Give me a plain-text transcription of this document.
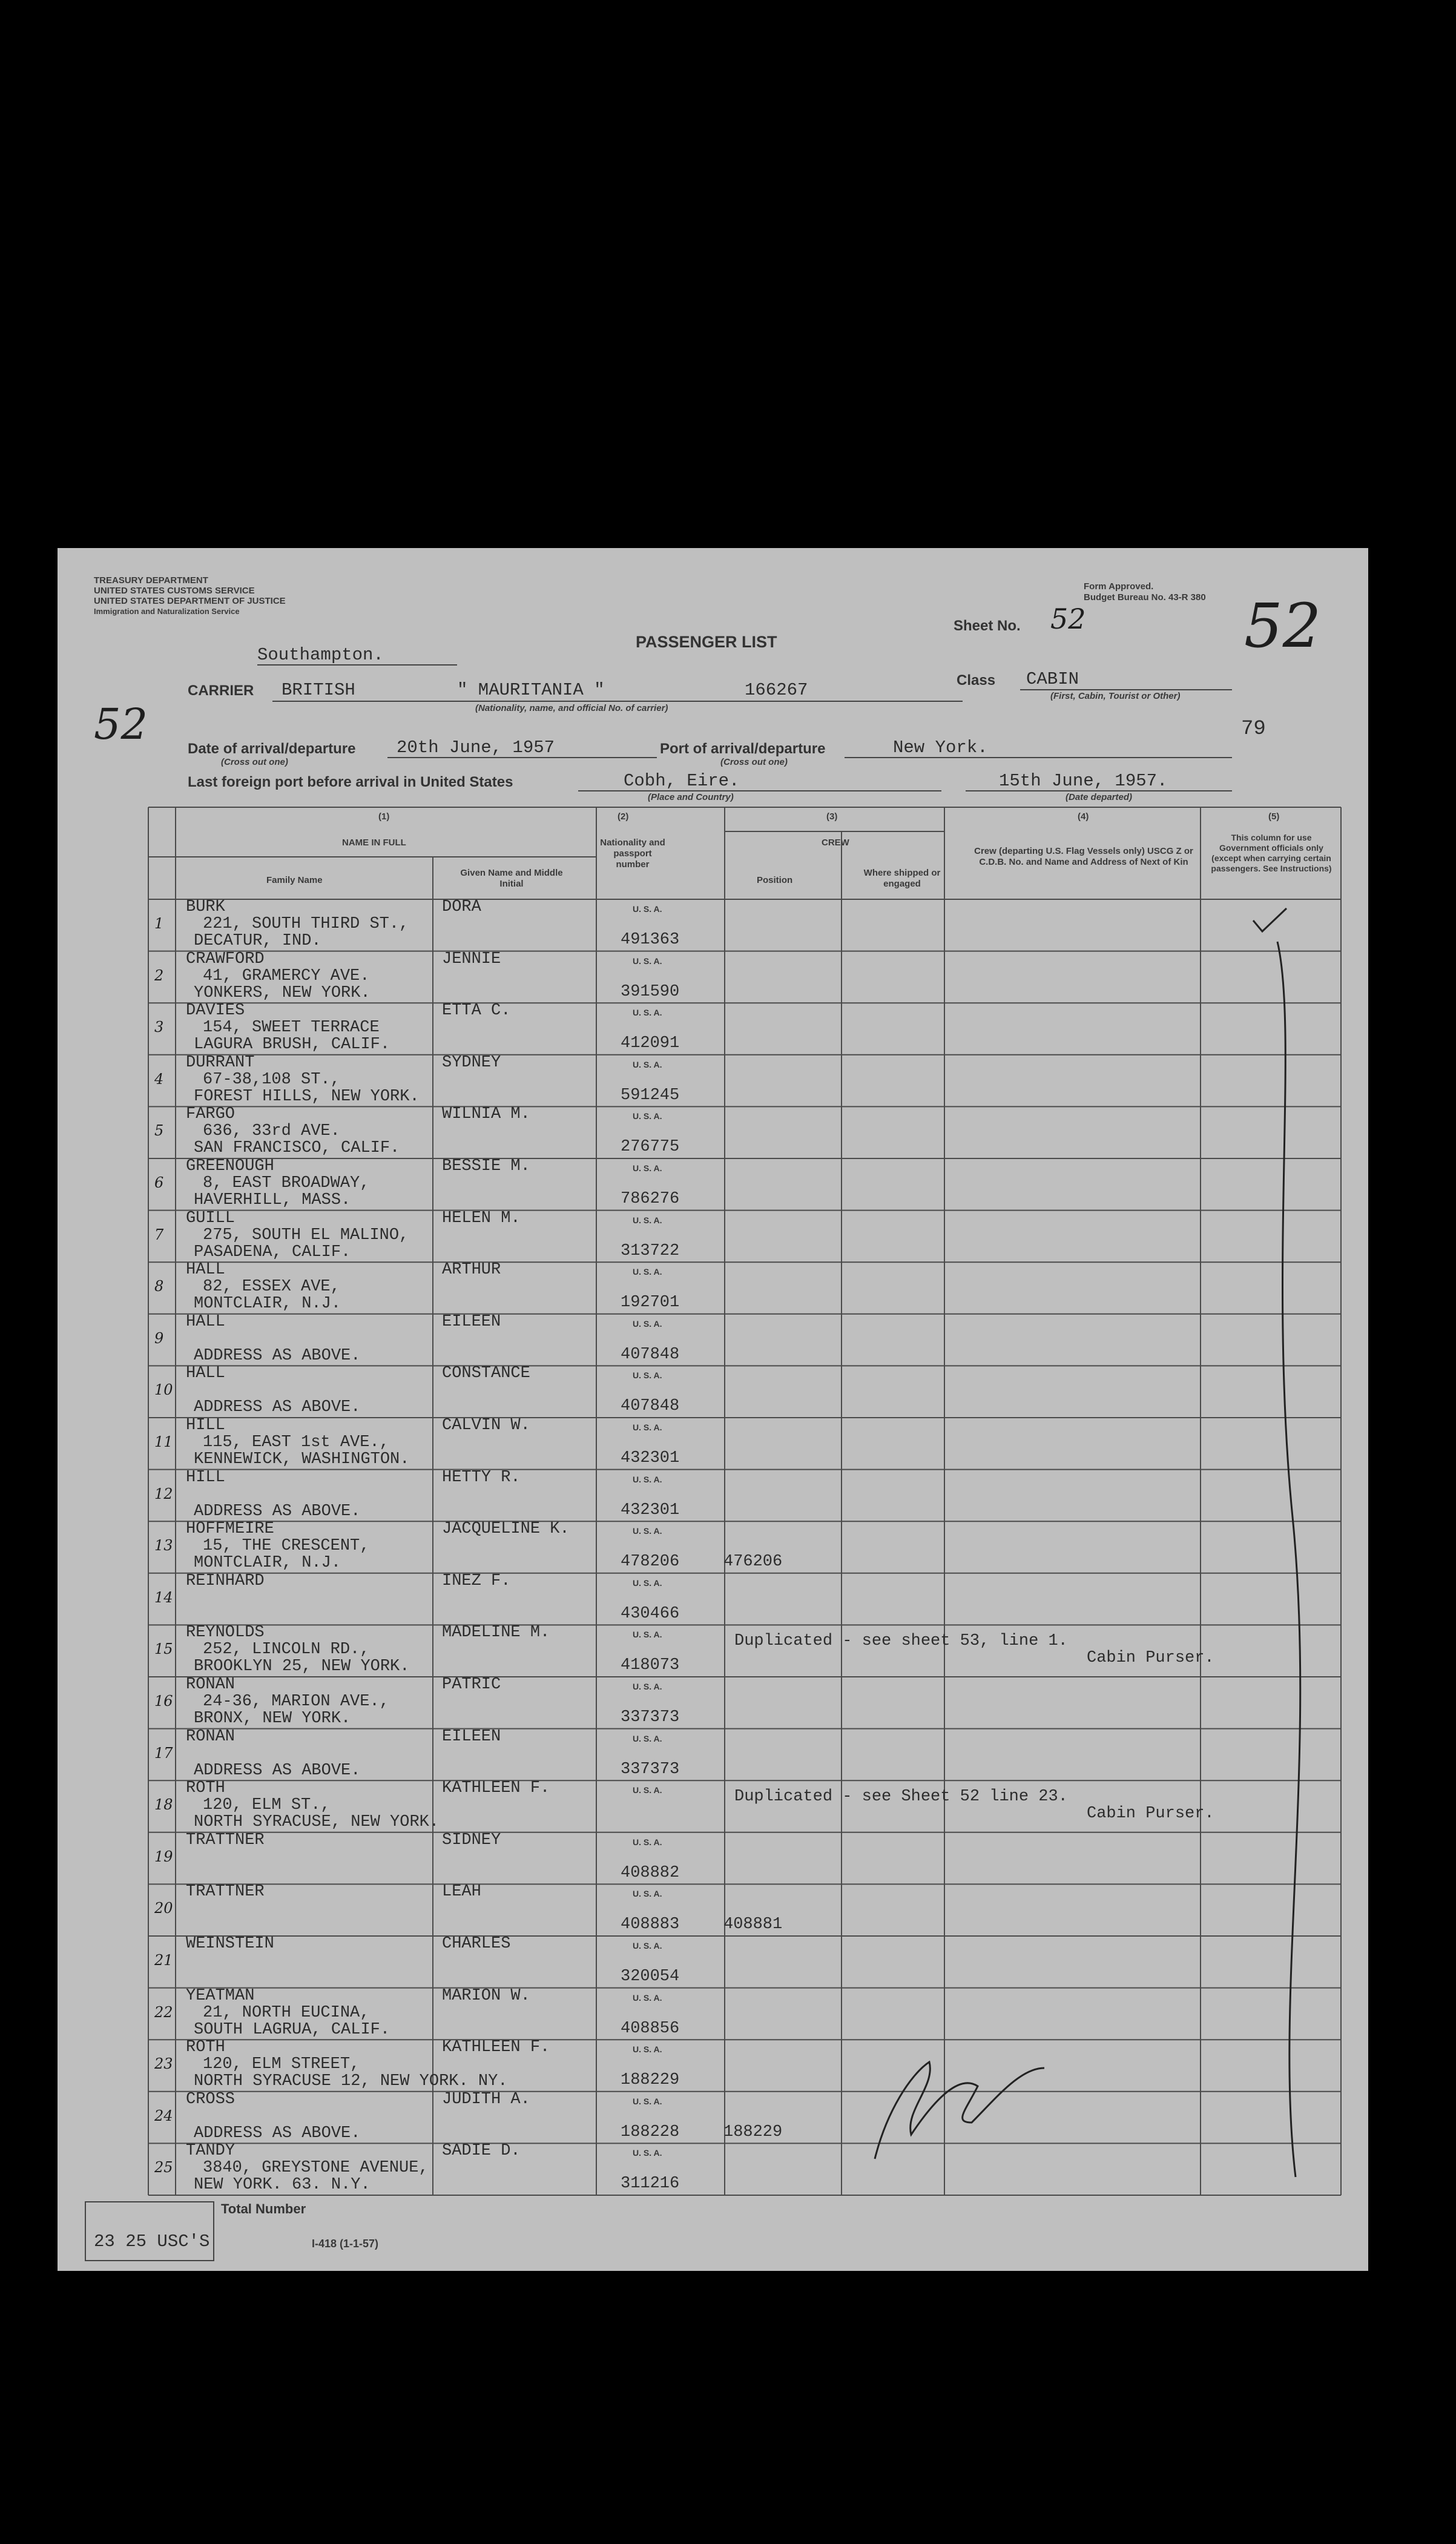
TREASURY DEPARTMENT
UNITED STATES CUSTOMS SERVICE
UNITED STATES DEPARTMENT OF JUSTICE
Immigration and Naturalization Service
Southampton.
PASSENGER LIST
Form Approved.
Budget Bureau No. 43-R 380
Sheet No. 52	52
52
CARRIER BRITISH	" MAURITANIA "	166267
(Nationality, name, and official No. of carrier)
Class CABIN
(First, Cabin, Tourist or Other)
79
Date of arrival/departure
(Cross out one)
20th June, 1957	Port of arrival/departure
(Cross out one)
New York.
Last foreign port before arrival in United States	Cobh, Eire.
(Place and Country)
15th June, 1957.
(Date departed)
(1)
NAME IN FULL
Family Name
Given Name and Middle Initial
(2)
Nationality and passport number
(3)
CREW
Position
Where shipped or engaged
(4)
Crew (departing U.S. Flag Vessels only) USCG Z or C.D.B. No. and Name and Address of Next of Kin
(5)
This column for use Government officials only (except when carrying certain passengers. See Instructions)
1
BURK	DORA
221, SOUTH THIRD ST.,
DECATUR, IND.
U. S. A.
491363
2
CRAWFORD	JENNIE
41, GRAMERCY AVE.
YONKERS, NEW YORK.
U. S. A.
391590
3
DAVIES	ETTA C.
154, SWEET TERRACE
LAGURA BRUSH, CALIF.
U. S. A.
412091
4
DURRANT	SYDNEY
67-38,108 ST.,
FOREST HILLS, NEW YORK.
U. S. A.
591245
5
FARGO	WILNIA M.
636, 33rd AVE.
SAN FRANCISCO, CALIF.
U. S. A.
276775
6
GREENOUGH	BESSIE M.
8, EAST BROADWAY,
HAVERHILL, MASS.
U. S. A.
786276
7
GUILL	HELEN M.
275, SOUTH EL MALINO,
PASADENA, CALIF.
U. S. A.
313722
8
HALL	ARTHUR
82, ESSEX AVE,
MONTCLAIR, N.J.
U. S. A.
192701
9
HALL	EILEEN
ADDRESS AS ABOVE.
U. S. A.
407848
10
HALL	CONSTANCE
ADDRESS AS ABOVE.
U. S. A.
407848
11
HILL	CALVIN W.
115, EAST 1st AVE.,
KENNEWICK, WASHINGTON.
U. S. A.
432301
12
HILL	HETTY R.
ADDRESS AS ABOVE.
U. S. A.
432301
13
HOFFMEIRE	JACQUELINE K.
15, THE CRESCENT,
MONTCLAIR, N.J.
U. S. A.
478206	476206
14
REINHARD	INEZ F.	U. S. A.
430466
15
REYNOLDS	MADELINE M.
252, LINCOLN RD.,
BROOKLYN 25, NEW YORK.
U. S. A.
418073
Duplicated - see sheet 53, line 1.
Cabin Purser.
16
RONAN	PATRIC
24-36, MARION AVE.,
BRONX, NEW YORK.
U. S. A.
337373
17
RONAN	EILEEN
ADDRESS AS ABOVE.
U. S. A.
337373
18
ROTH	KATHLEEN F.
120, ELM ST.,
NORTH SYRACUSE, NEW YORK.
U. S. A.	Duplicated - see Sheet 52 line 23.
Cabin Purser.
19
TRATTNER	SIDNEY	U. S. A.
408882
20
TRATTNER	LEAH	U. S. A.
408883	408881
21
WEINSTEIN	CHARLES	U. S. A.
320054
22
YEATMAN	MARION W.
21, NORTH EUCINA,
SOUTH LAGRUA, CALIF.
U. S. A.
408856
23
ROTH	KATHLEEN F.
120, ELM STREET,
NORTH SYRACUSE 12, NEW YORK. NY.
U. S. A.
188229
24
CROSS	JUDITH A.
ADDRESS AS ABOVE.
U. S. A.
188228	188229
25
TANDY	SADIE D.
3840, GREYSTONE AVENUE,
NEW YORK. 63. N.Y.
U. S. A.
311216
Total Number
23 25 USC'S	I-418 (1-1-57)
